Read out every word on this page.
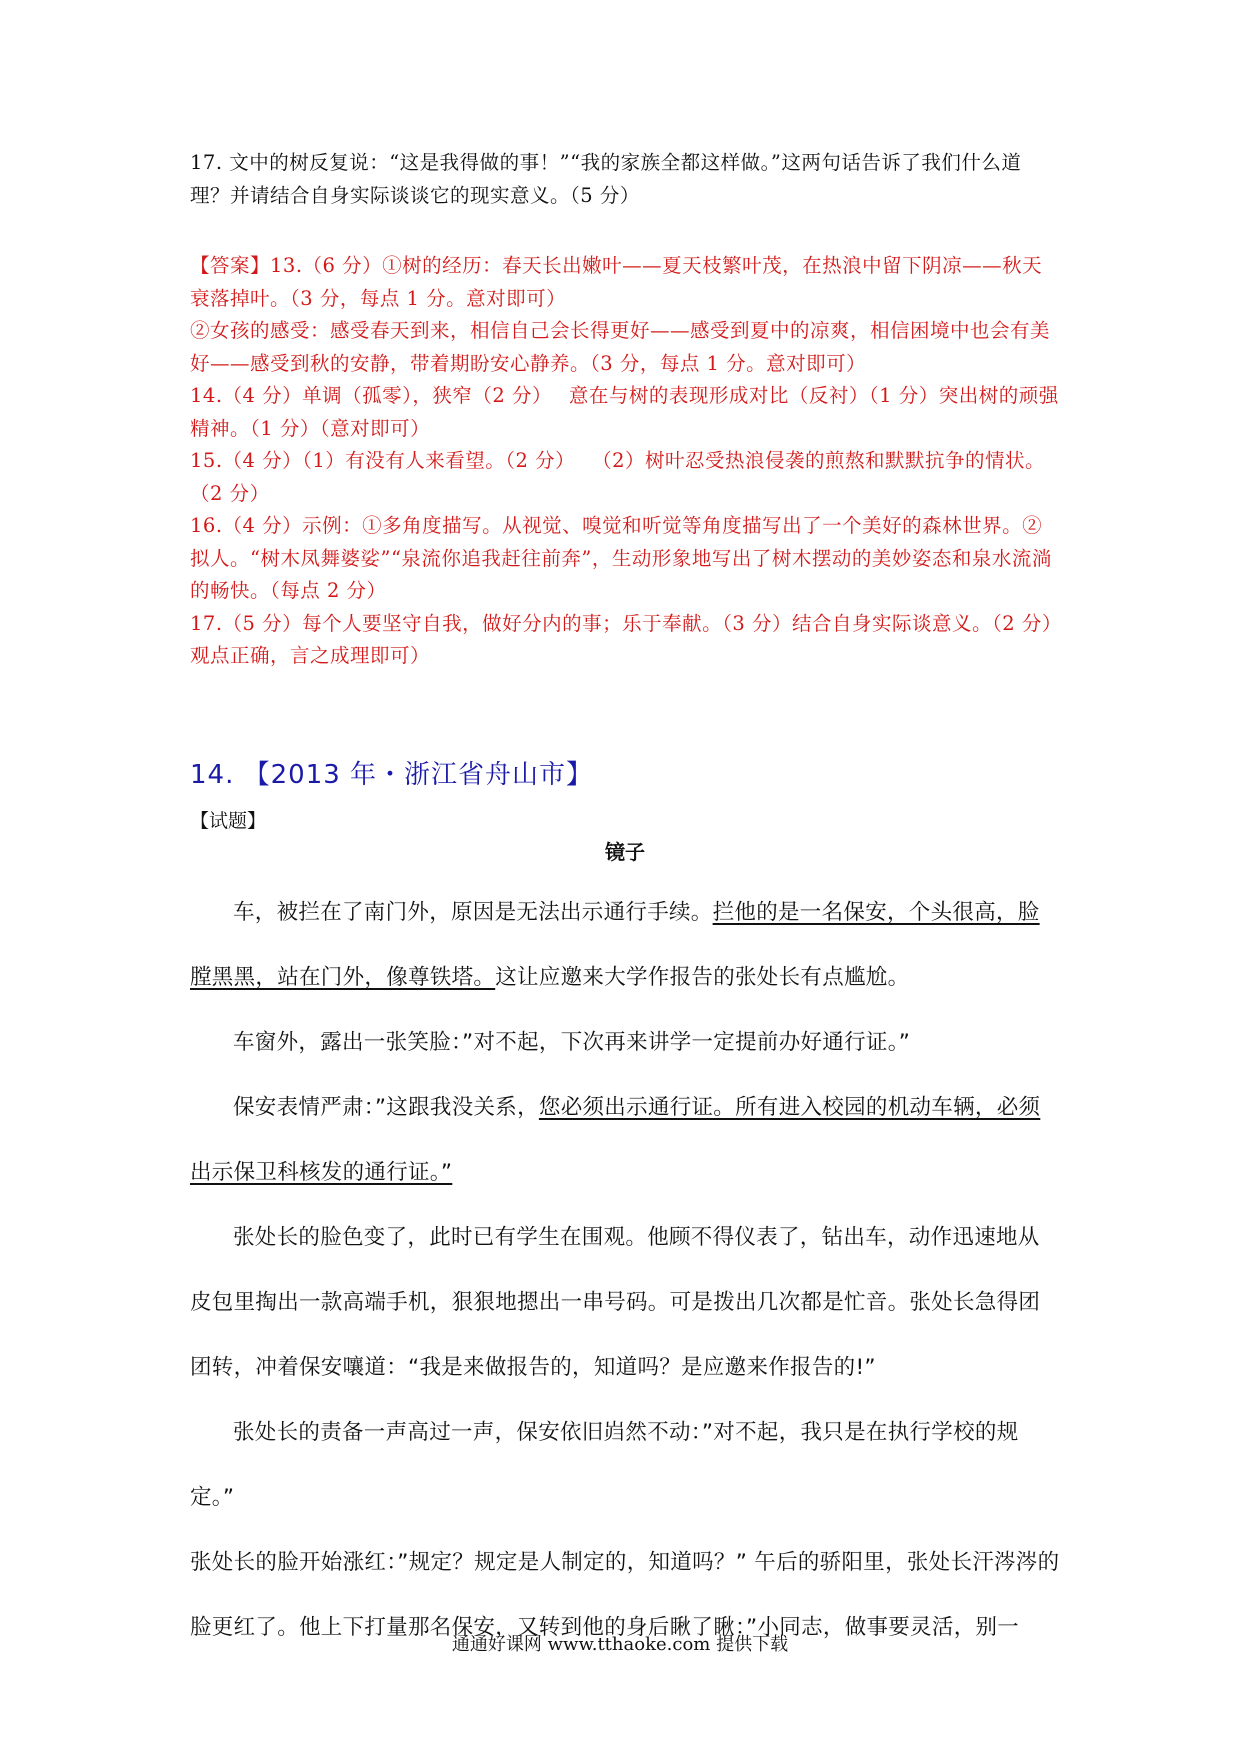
17. 文中的树反复说：“这是我得做的事！”“我的家族全都这样做。”这两句话告诉了我们什么道理？并请结合自身实际谈谈它的现实意义。（5 分）

【答案】13.（6 分）①树的经历：春天长出嫩叶——夏天枝繁叶茂，在热浪中留下阴凉——秋天衰落掉叶。（3 分，每点 1 分。意对即可）

②女孩的感受：感受春天到来，相信自己会长得更好——感受到夏中的凉爽，相信困境中也会有美好——感受到秋的安静，带着期盼安心静养。（3 分，每点 1 分。意对即可）

14.（4 分）单调（孤零），狭窄（2 分）　 意在与树的表现形成对比（反衬）（1 分）突出树的顽强精神。（1 分）（意对即可）

15.（4 分）（1）有没有人来看望。（2 分）　 （2）树叶忍受热浪侵袭的煎熬和默默抗争的情状。（2 分）

16.（4 分）示例：①多角度描写。从视觉、嗅觉和听觉等角度描写出了一个美好的森林世界。②拟人。“树木凤舞婆娑”“泉流你追我赶往前奔”，生动形象地写出了树木摆动的美妙姿态和泉水流淌的畅快。（每点 2 分）

17.（5 分）每个人要坚守自我，做好分内的事；乐于奉献。（3 分）结合自身实际谈意义。（2 分）观点正确，言之成理即可）

14. 【2013 年・浙江省舟山市】
【试题】
镜子

车，被拦在了南门外，原因是无法出示通行手续。拦他的是一名保安，个头很高，脸膛黑黑，站在门外，像尊铁塔。这让应邀来大学作报告的张处长有点尴尬。

车窗外，露出一张笑脸：”对不起，下次再来讲学一定提前办好通行证。”

保安表情严肃：”这跟我没关系，您必须出示通行证。所有进入校园的机动车辆，必须出示保卫科核发的通行证。”

张处长的脸色变了，此时已有学生在围观。他顾不得仪表了，钻出车，动作迅速地从皮包里掏出一款高端手机，狠狠地摁出一串号码。可是拨出几次都是忙音。张处长急得团团转，冲着保安嚷道：“我是来做报告的，知道吗？是应邀来作报告的!”

张处长的责备一声高过一声，保安依旧岿然不动：”对不起，我只是在执行学校的规定。”

张处长的脸开始涨红：”规定？规定是人制定的，知道吗？” 午后的骄阳里，张处长汗涔涔的脸更红了。他上下打量那名保安，又转到他的身后瞅了瞅：”小同志，做事要灵活，别一

通通好课网 www.tthaoke.com 提供下载
